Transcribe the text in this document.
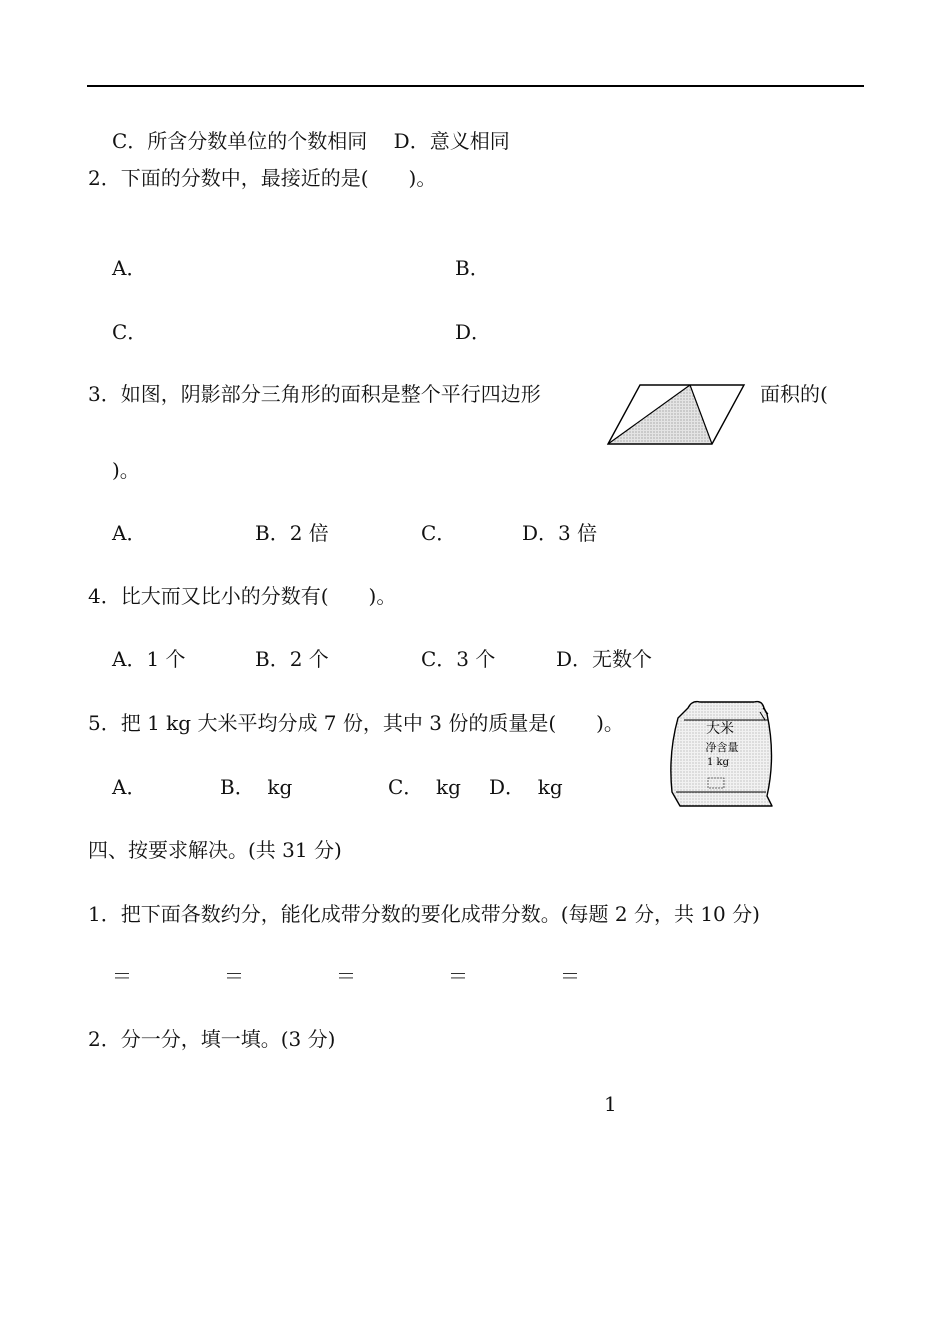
C．所含分数单位的个数相同　 D．意义相同
2．下面的分数中，最接近的是(　　)。
A．	B．
C．	D．
3．如图，阴影部分三角形的面积是整个平行四边形	面积的(
)。
A．	B．2 倍	C．	D．3 倍
4．比大而又比小的分数有(　　)。
A．1 个	B．2 个	C．3 个	D．无数个
5．把 1 kg 大米平均分成 7 份，其中 3 份的质量是(　　)。	大米
净含量
1 kg
A．	B．  kg	C．  kg D．  kg
四、按要求解决。(共 31 分)
1．把下面各数约分，能化成带分数的要化成带分数。(每题 2 分，共 10 分)
＝	＝	＝	＝	＝
2．分一分，填一填。(3 分)
1
